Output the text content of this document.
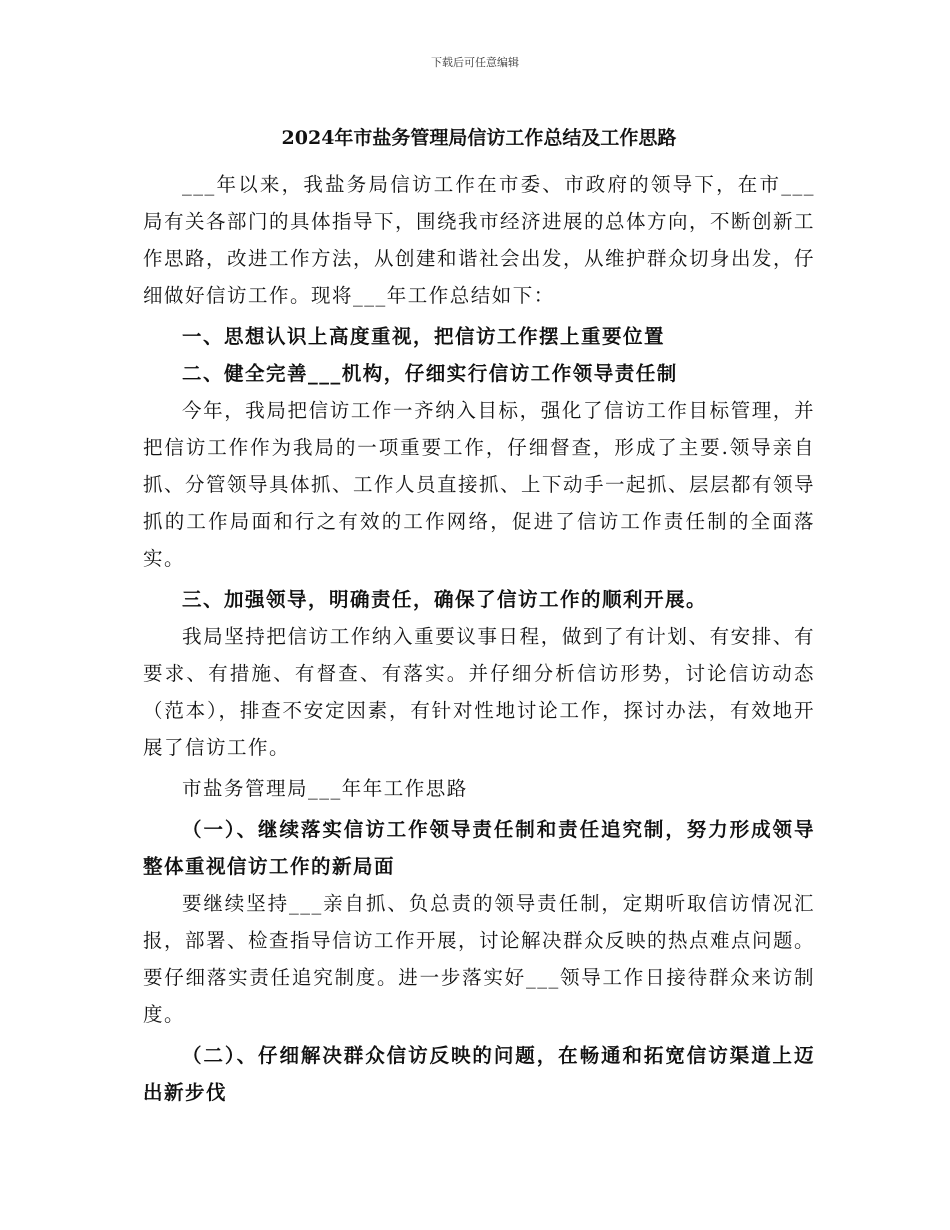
下载后可任意编辑
2024年市盐务管理局信访工作总结及工作思路

___年以来，我盐务局信访工作在市委、市政府的领导下，在市___局有关各部门的具体指导下，围绕我市经济进展的总体方向，不断创新工作思路，改进工作方法，从创建和谐社会出发，从维护群众切身出发，仔细做好信访工作。现将___年工作总结如下：

一、思想认识上高度重视，把信访工作摆上重要位置

二、健全完善___机构，仔细实行信访工作领导责任制

今年，我局把信访工作一齐纳入目标，强化了信访工作目标管理，并把信访工作作为我局的一项重要工作，仔细督查，形成了主要.领导亲自抓、分管领导具体抓、工作人员直接抓、上下动手一起抓、层层都有领导抓的工作局面和行之有效的工作网络，促进了信访工作责任制的全面落实。

三、加强领导，明确责任，确保了信访工作的顺利开展。

我局坚持把信访工作纳入重要议事日程，做到了有计划、有安排、有要求、有措施、有督查、有落实。并仔细分析信访形势，讨论信访动态（范本），排查不安定因素，有针对性地讨论工作，探讨办法，有效地开展了信访工作。

市盐务管理局___年年工作思路

（一）、继续落实信访工作领导责任制和责任追究制，努力形成领导整体重视信访工作的新局面

要继续坚持___亲自抓、负总责的领导责任制，定期听取信访情况汇报，部署、检查指导信访工作开展，讨论解决群众反映的热点难点问题。要仔细落实责任追究制度。进一步落实好___领导工作日接待群众来访制度。

（二）、仔细解决群众信访反映的问题，在畅通和拓宽信访渠道上迈出新步伐
